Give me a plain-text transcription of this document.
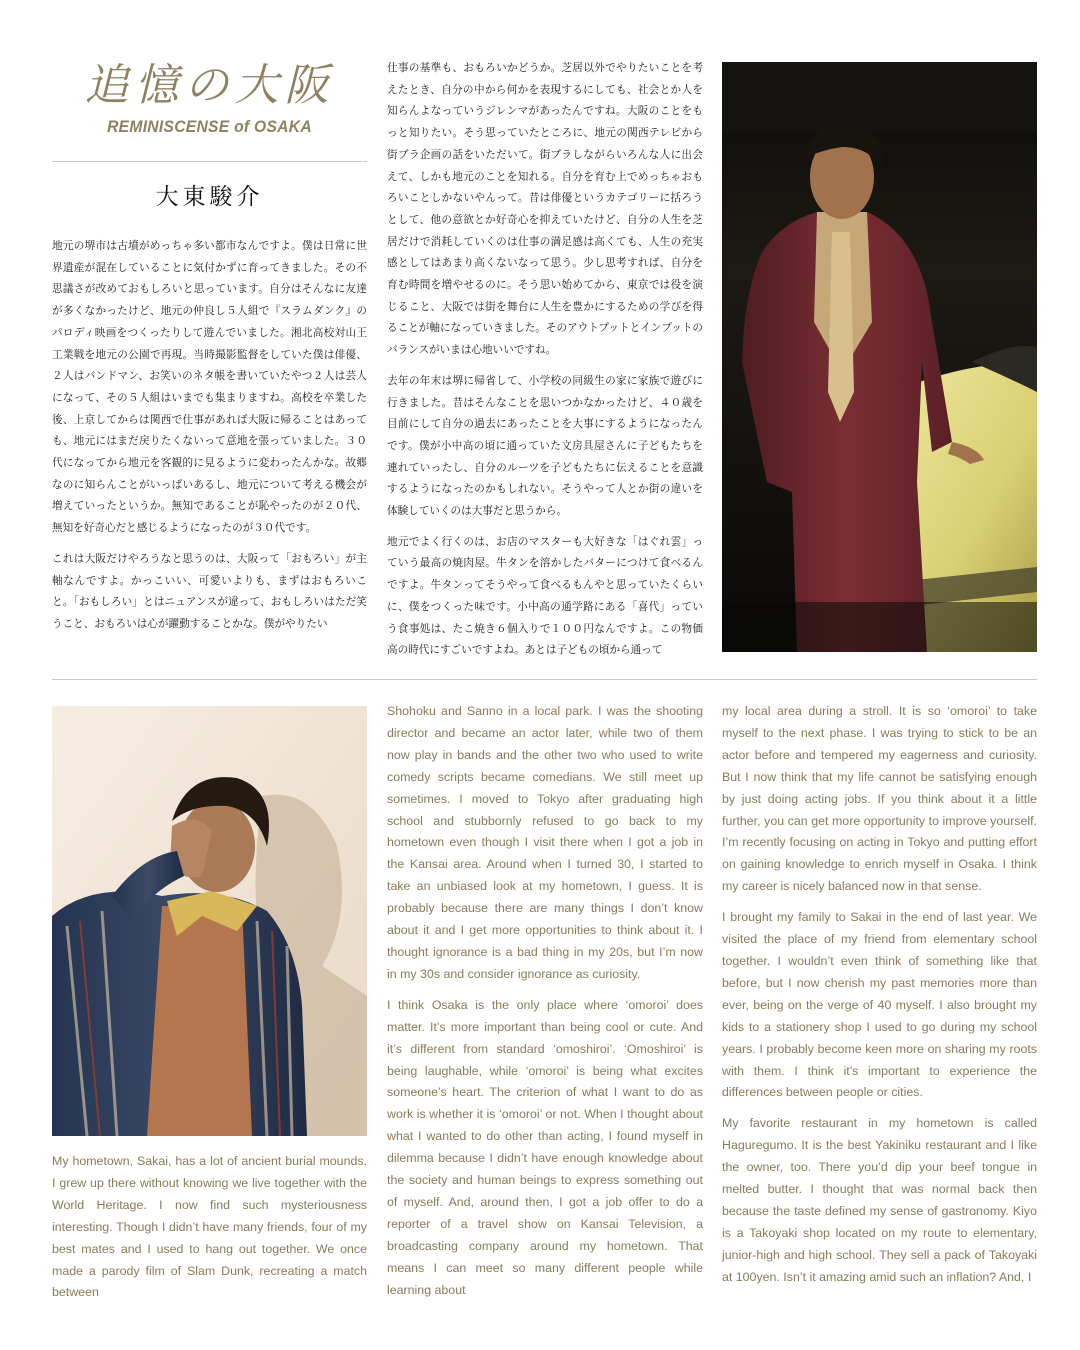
追憶の大阪
REMINISCENSE of OSAKA
大東駿介

地元の堺市は古墳がめっちゃ多い都市なんですよ。僕は日常に世界遺産が混在していることに気付かずに育ってきました。その不思議さが改めておもしろいと思っています。自分はそんなに友達が多くなかったけど、地元の仲良し５人組で『スラムダンク』のパロディ映画をつくったりして遊んでいました。湘北高校対山王工業戦を地元の公園で再現。当時撮影監督をしていた僕は俳優、２人はバンドマン、お笑いのネタ帳を書いていたやつ２人は芸人になって、その５人組はいまでも集まりますね。高校を卒業した後、上京してからは関西で仕事があれば大阪に帰ることはあっても、地元にはまだ戻りたくないって意地を張っていました。３０代になってから地元を客観的に見るように変わったんかな。故郷なのに知らんことがいっぱいあるし、地元について考える機会が増えていったというか。無知であることが恥やったのが２０代、無知を好奇心だと感じるようになったのが３０代です。

これは大阪だけやろうなと思うのは、大阪って「おもろい」が主軸なんですよ。かっこいい、可愛いよりも、まずはおもろいこと。「おもしろい」とはニュアンスが違って、おもしろいはただ笑うこと、おもろいは心が躍動することかな。僕がやりたい

仕事の基準も、おもろいかどうか。芝居以外でやりたいことを考えたとき、自分の中から何かを表現するにしても、社会とか人を知らんよなっていうジレンマがあったんですね。大阪のことをもっと知りたい。そう思っていたところに、地元の関西テレビから街ブラ企画の話をいただいて。街ブラしながらいろんな人に出会えて、しかも地元のことを知れる。自分を育む上でめっちゃおもろいことしかないやんって。昔は俳優というカテゴリーに括ろうとして、他の意欲とか好奇心を抑えていたけど、自分の人生を芝居だけで消耗していくのは仕事の満足感は高くても、人生の充実感としてはあまり高くないなって思う。少し思考すれば、自分を育む時間を増やせるのに。そう思い始めてから、東京では役を演じること、大阪では街を舞台に人生を豊かにするための学びを得ることが軸になっていきました。そのアウトプットとインプットのバランスがいまは心地いいですね。

去年の年末は堺に帰省して、小学校の同級生の家に家族で遊びに行きました。昔はそんなことを思いつかなかったけど、４０歳を目前にして自分の過去にあったことを大事にするようになったんです。僕が小中高の頃に通っていた文房具屋さんに子どもたちを連れていったし、自分のルーツを子どもたちに伝えることを意識するようになったのかもしれない。そうやって人とか街の違いを体験していくのは大事だと思うから。

地元でよく行くのは、お店のマスターも大好きな「はぐれ雲」っていう最高の焼肉屋。牛タンを溶かしたバターにつけて食べるんですよ。牛タンってそうやって食べるもんやと思っていたくらいに、僕をつくった味です。小中高の通学路にある「喜代」っていう食事処は、たこ焼き６個入りで１００円なんですよ。この物価高の時代にすごいですよね。あとは子どもの頃から通って

My hometown, Sakai, has a lot of ancient burial mounds. I grew up there without knowing we live together with the World Heritage. I now find such mysteriousness interesting. Though I didn’t have many friends, four of my best mates and I used to hang out together. We once made a parody film of Slam Dunk, recreating a match between

Shohoku and Sanno in a local park. I was the shooting director and became an actor later, while two of them now play in bands and the other two who used to write comedy scripts became comedians. We still meet up sometimes. I moved to Tokyo after graduating high school and stubbornly refused to go back to my hometown even though I visit there when I got a job in the Kansai area. Around when I turned 30, I started to take an unbiased look at my hometown, I guess. It is probably because there are many things I don’t know about it and I get more opportunities to think about it. I thought ignorance is a bad thing in my 20s, but I’m now in my 30s and consider ignorance as curiosity.

I think Osaka is the only place where ‘omoroi’ does matter. It’s more important than being cool or cute. And it’s different from standard ‘omoshiroi’. ‘Omoshiroi’ is being laughable, while ‘omoroi’ is being what excites someone’s heart. The criterion of what I want to do as work is whether it is ‘omoroi’ or not. When I thought about what I wanted to do other than acting, I found myself in dilemma because I didn’t have enough knowledge about the society and human beings to express something out of myself. And, around then, I got a job offer to do a reporter of a travel show on Kansai Television, a broadcasting company around my hometown. That means I can meet so many different people while learning about

my local area during a stroll. It is so ‘omoroi’ to take myself to the next phase. I was trying to stick to be an actor before and tempered my eagerness and curiosity. But I now think that my life cannot be satisfying enough by just doing acting jobs. If you think about it a little further, you can get more opportunity to improve yourself. I’m recently focusing on acting in Tokyo and putting effort on gaining knowledge to enrich myself in Osaka. I think my career is nicely balanced now in that sense.

I brought my family to Sakai in the end of last year. We visited the place of my friend from elementary school together. I wouldn’t even think of something like that before, but I now cherish my past memories more than ever, being on the verge of 40 myself. I also brought my kids to a stationery shop I used to go during my school years. I probably become keen more on sharing my roots with them. I think it’s important to experience the differences between people or cities.

My favorite restaurant in my hometown is called Haguregumo. It is the best Yakiniku restaurant and I like the owner, too. There you’d dip your beef tongue in melted butter. I thought that was normal back then because the taste defined my sense of gastronomy. Kiyo is a Takoyaki shop located on my route to elementary, junior-high and high school. They sell a pack of Takoyaki at 100yen. Isn’t it amazing amid such an inflation? And, I
